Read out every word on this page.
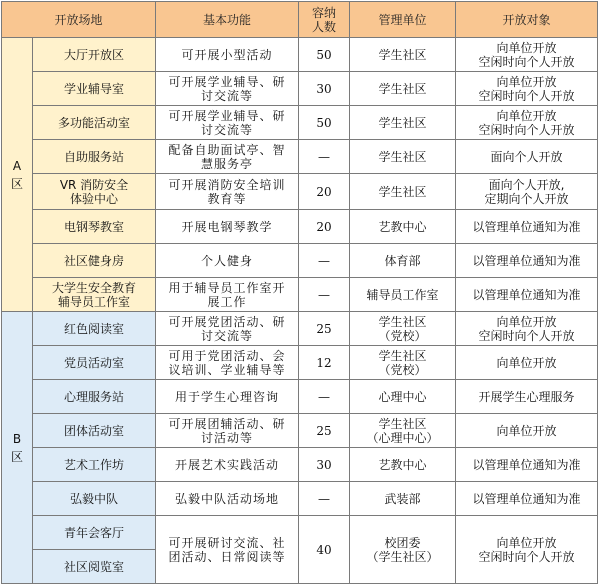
开放场地		基本功能	容纳
人数	管理单位	开放对象

A
区	大厅开放区	可开展小型活动	50	学生社区	向单位开放
空闲时向个人开放

	学业辅导室	可开展学业辅导、研
讨交流等	30	学生社区	向单位开放
空闲时向个人开放

	多功能活动室	可开展学业辅导、研
讨交流等	50	学生社区	向单位开放
空闲时向个人开放

	自助服务站	配备自助面试亭、智
慧服务亭	—	学生社区	面向个人开放

	VR 消防安全
体验中心	可开展消防安全培训
教育等	20	学生社区	面向个人开放,
定期向个人开放

	电钢琴教室	开展电钢琴教学	20	艺教中心	以管理单位通知为准

	社区健身房	个人健身	—	体育部	以管理单位通知为准

	大学生安全教育
辅导员工作室	用于辅导员工作室开
展工作	—	辅导员工作室	以管理单位通知为准

B
区	红色阅读室	可开展党团活动、研
讨交流等	25	学生社区
（党校）	向单位开放
空闲时向个人开放

	党员活动室	可用于党团活动、会
议培训、学业辅导等	12	学生社区
（党校）	向单位开放

	心理服务站	用于学生心理咨询	—	心理中心	开展学生心理服务

	团体活动室	可开展团辅活动、研
讨活动等	25	学生社区
（心理中心）	向单位开放

	艺术工作坊	开展艺术实践活动	30	艺教中心	以管理单位通知为准

	弘毅中队	弘毅中队活动场地	—	武装部	以管理单位通知为准

	青年会客厅	可开展研讨交流、社
团活动、日常阅读等	40	校团委
（学生社区）	向单位开放
空闲时向个人开放

	社区阅览室				
